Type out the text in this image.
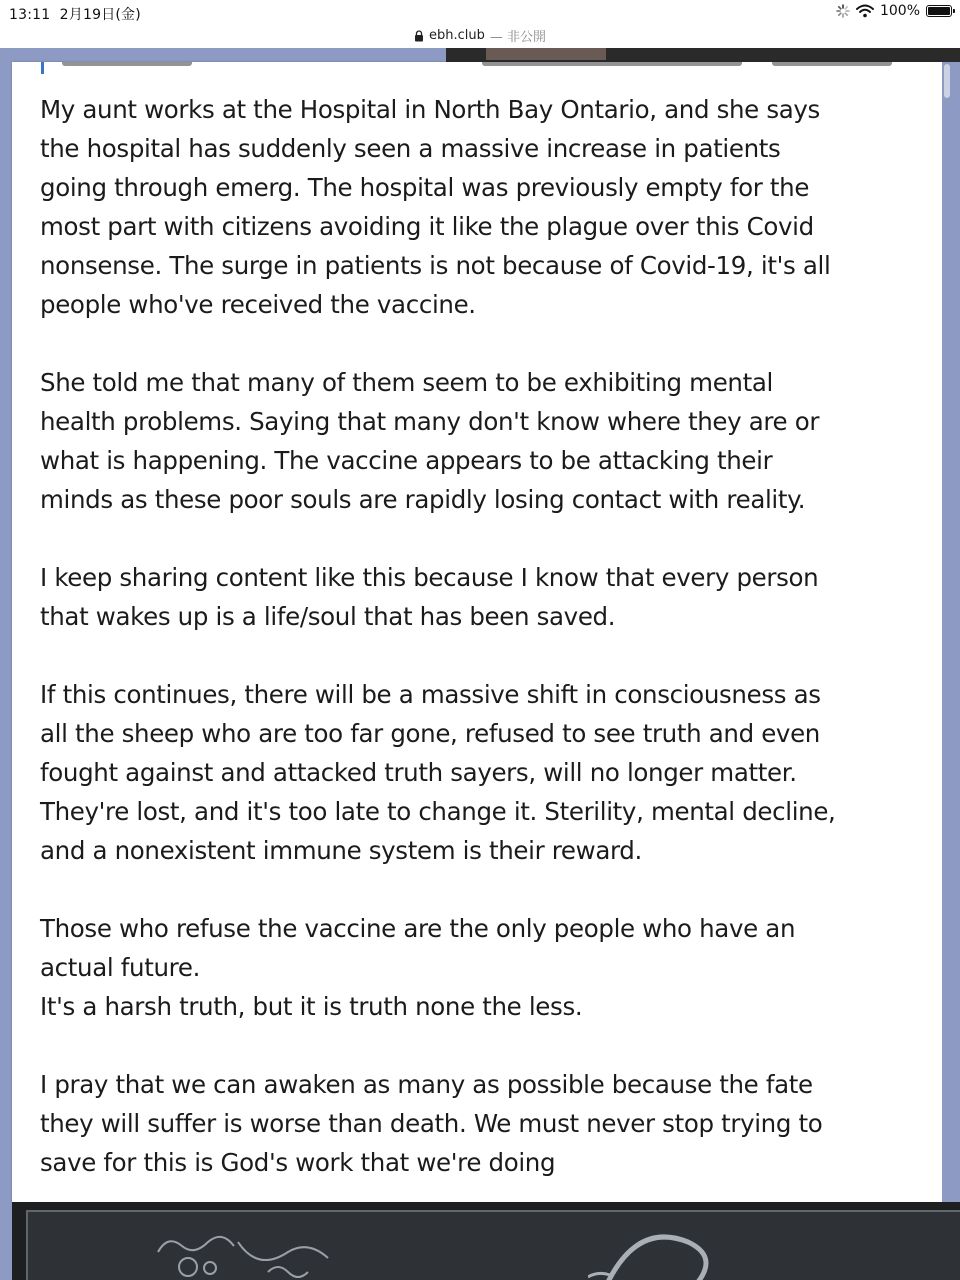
13:11 2月19日(金)	100%
ebh.club — 非公開

My aunt works at the Hospital in North Bay Ontario, and she says
the hospital has suddenly seen a massive increase in patients
going through emerg. The hospital was previously empty for the
most part with citizens avoiding it like the plague over this Covid
nonsense. The surge in patients is not because of Covid-19, it's all
people who've received the vaccine.

She told me that many of them seem to be exhibiting mental
health problems. Saying that many don't know where they are or
what is happening. The vaccine appears to be attacking their
minds as these poor souls are rapidly losing contact with reality.

I keep sharing content like this because I know that every person
that wakes up is a life/soul that has been saved.

If this continues, there will be a massive shift in consciousness as
all the sheep who are too far gone, refused to see truth and even
fought against and attacked truth sayers, will no longer matter.
They're lost, and it's too late to change it. Sterility, mental decline,
and a nonexistent immune system is their reward.

Those who refuse the vaccine are the only people who have an
actual future.
It's a harsh truth, but it is truth none the less.

I pray that we can awaken as many as possible because the fate
they will suffer is worse than death. We must never stop trying to
save for this is God's work that we're doing
